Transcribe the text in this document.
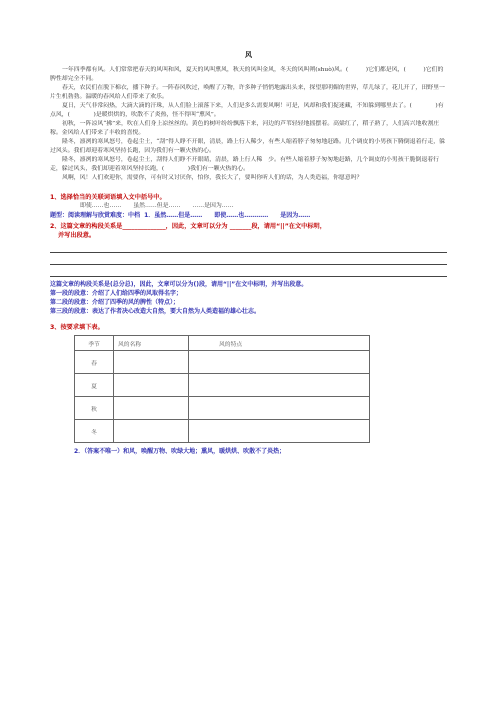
风

一年四季都有风。人们常常把春天的风叫和风，夏天的风叫熏风，秋天的风叫金风，冬天的风叫朔(shuò)风。(　　　)它们都是风，(　　　)它们的脾性却完全不同。

春天，农民们在脱下棉衣，播下种子。一阵春风吹过，唤醒了万物，许多种子悄悄地露出头来，探望那明媚的世界，草儿绿了，花儿开了，田野里一片生机勃勃。温暖的春风给人们带来了欢乐。

夏日，天气非常闷热，大滴大滴的汗珠，从人们脸上滚落下来，人们是多么需要风啊！可是，风却和我们捉迷藏，不知躲到哪里去了。(　　　　)有点风，(　　　　)是暖烘烘的，吹散不了炎热，怪不得叫“熏风”。

初秋，一阵凉风“拂”来，吹在人们身上凉丝丝的。黄色的树叶纷纷飘落下来，河边的芦苇轻轻地摇摆着。高粱红了，稻子熟了，人们高兴地收割庄稼。金风给人们带来了丰收的喜悦。

隆冬，凛冽的寒风怒号，卷起尘土，“刮”得人睁不开眼，清晨，路上行人稀少，有些人缩着脖子匆匆地赶路。几个调皮的小男孩下腾倒退着行走，躲过风头。我们却迎着寒风坚持长跑，因为我们有一颗火热的心。

隆冬，凛冽的寒风怒号，卷起尘土，刮得人们睁不开眼睛，清晨，路上行人稀　少。有些人缩着脖子匆匆地赶路，几个调皮的小男孩干脆倒退着行走，躲过风头，我们却迎着寒风坚持长跑，(　　　　)我们有一颗火热的心。

风啊，风！人们欢迎你，需要你，可有时又讨厌你，怕你，我长大了，要叫你听人们的话，为人类造福，你愿意吗？

1、选择恰当的关联词语填入文中括号中。
即使……也…… 虽然……但是…… ……是因为……
题型：阅读理解与欣赏难度：中档 1．虽然……但是……　　即使……也…………　　是因为……
2、这篇文章的构段关系是______________，因此，文章可以分为 _______段，请用“||”在文中标明，
并写出段意。
这篇文章的构段关系是(总分总)，因此，文章可以分为()段，请用“||”在文中标明，并写出段意。
第一段的段意：介绍了人们给四季的风取得名字；
第二段的段意：介绍了四季的风的脾性（特点）；
第三段的段意：表达了作者决心改造大自然，要大自然为人类造福的雄心壮志。
3、按要求填下表。
季节	风的名称	风的特点
春		
夏		
秋		
冬		
2．（答案不唯一）和风，唤醒万物、吹绿大地；熏风，暖烘烘、吹散不了炎热；
